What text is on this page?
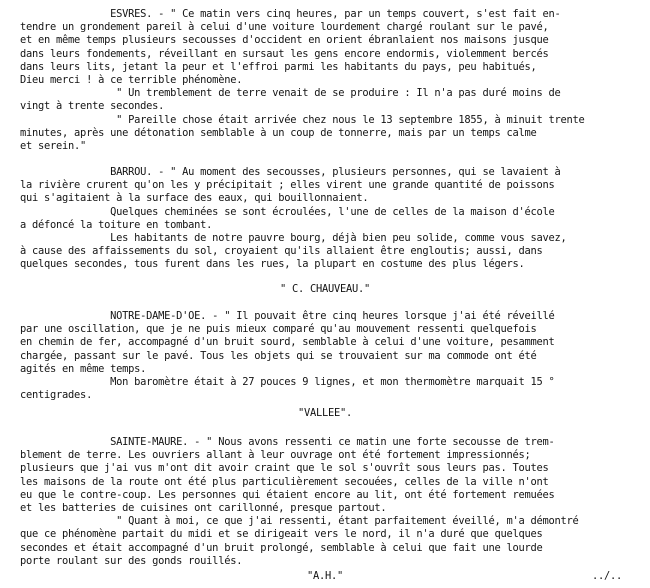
ESVRES. - " Ce matin vers cinq heures, par un temps couvert, s'est fait en-
tendre un grondement pareil à celui d'une voiture lourdement chargé roulant sur le pavé,
et en même temps plusieurs secousses d'occident en orient ébranlaient nos maisons jusque
dans leurs fondements, réveillant en sursaut les gens encore endormis, violemment bercés
dans leurs lits, jetant la peur et l'effroi parmi les habitants du pays, peu habitués,
Dieu merci ! à ce terrible phénomène.
" Un tremblement de terre venait de se produire : Il n'a pas duré moins de
vingt à trente secondes.
" Pareille chose était arrivée chez nous le 13 septembre 1855, à minuit trente
minutes, après une détonation semblable à un coup de tonnerre, mais par un temps calme
et serein."
BARROU. - " Au moment des secousses, plusieurs personnes, qui se lavaient à
la rivière crurent qu'on les y précipitait ; elles virent une grande quantité de poissons
qui s'agitaient à la surface des eaux, qui bouillonnaient.
Quelques cheminées se sont écroulées, l'une de celles de la maison d'école
a défoncé la toiture en tombant.
Les habitants de notre pauvre bourg, déjà bien peu solide, comme vous savez,
à cause des affaissements du sol, croyaient qu'ils allaient être engloutis; aussi, dans
quelques secondes, tous furent dans les rues, la plupart en costume des plus légers.
" C. CHAUVEAU."
NOTRE-DAME-D'OE. - " Il pouvait être cinq heures lorsque j'ai été réveillé
par une oscillation, que je ne puis mieux comparé qu'au mouvement ressenti quelquefois
en chemin de fer, accompagné d'un bruit sourd, semblable à celui d'une voiture, pesamment
chargée, passant sur le pavé. Tous les objets qui se trouvaient sur ma commode ont été
agités en même temps.
Mon baromètre était à 27 pouces 9 lignes, et mon thermomètre marquait 15 °
centigrades.
"VALLEE".
SAINTE-MAURE. - " Nous avons ressenti ce matin une forte secousse de trem-
blement de terre. Les ouvriers allant à leur ouvrage ont été fortement impressionnés;
plusieurs que j'ai vus m'ont dit avoir craint que le sol s'ouvrît sous leurs pas. Toutes
les maisons de la route ont été plus particulièrement secouées, celles de la ville n'ont
eu que le contre-coup. Les personnes qui étaient encore au lit, ont été fortement remuées
et les batteries de cuisines ont carillonné, presque partout.
" Quant à moi, ce que j'ai ressenti, étant parfaitement éveillé, m'a démontré
que ce phénomène partait du midi et se dirigeait vers le nord, il n'a duré que quelques
secondes et était accompagné d'un bruit prolongé, semblable à celui que fait une lourde
porte roulant sur des gonds rouillés.
"A.H."	../..
